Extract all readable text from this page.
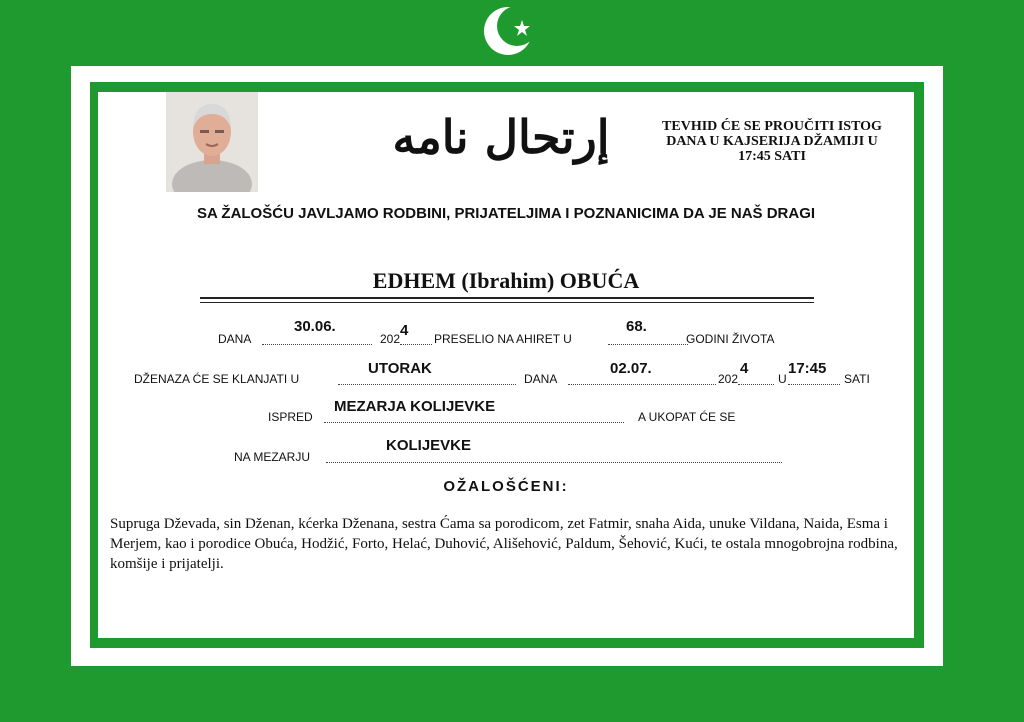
إرتحال نامه	TEVHID ĆE SE PROUČITI ISTOG
DANA U KAJSERIJA DŽAMIJI U
17:45 SATI
SA ŽALOŠĆU JAVLJAMO RODBINI, PRIJATELJIMA I POZNANICIMA DA JE NAŠ DRAGI
EDHEM (Ibrahim) OBUĆA
DANA
30.06.
202 4 PRESELIO NA AHIRET U
68.
GODINI ŽIVOTA
DŽENAZA ĆE SE KLANJATI U
UTORAK
DANA
02.07.
202
4
U
17:45
SATI
ISPRED
MEZARJA KOLIJEVKE
A UKOPAT ĆE SE
NA MEZARJU
KOLIJEVKE
OŽALOŠĆENI:
Supruga Dževada, sin Dženan, kćerka Dženana, sestra Ćama sa porodicom, zet Fatmir, snaha Aida, unuke Vildana, Naida, Esma i Merjem, kao i porodice Obuća, Hodžić, Forto, Helać, Duhović, Ališehović, Paldum, Šehović, Kući, te ostala mnogobrojna rodbina, komšije i prijatelji.
